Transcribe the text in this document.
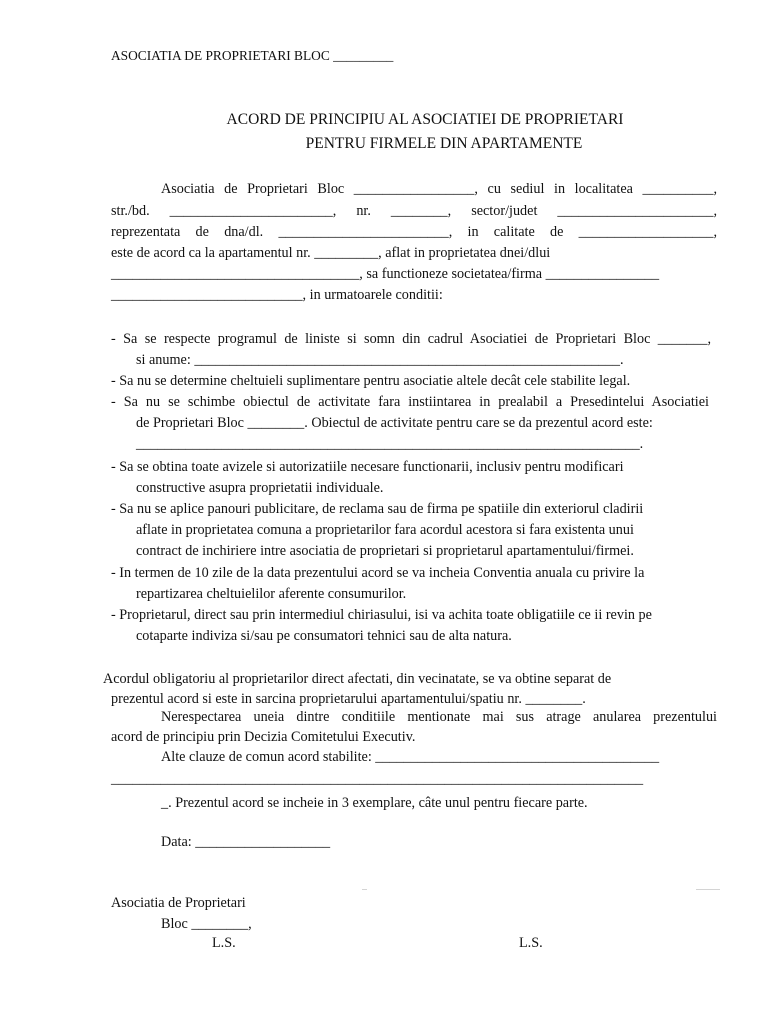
ASOCIATIA DE PROPRIETARI BLOC _________
ACORD DE PRINCIPIU AL ASOCIATIEI DE PROPRIETARI
PENTRU FIRMELE DIN APARTAMENTE
Asociatia de Proprietari Bloc _________________, cu sediul in localitatea __________,
str./bd.   _______________________,   nr.   ________,   sector/judet   ______________________,
reprezentata  de  dna/dl.  ________________________,  in  calitate  de  ___________________,
este de acord ca la apartamentul nr. _________, aflat in proprietatea dnei/dlui
___________________________________, sa functioneze societatea/firma ________________
___________________________, in urmatoarele conditii:
- Sa se respecte programul de liniste si somn din cadrul Asociatiei de Proprietari Bloc _______,
si anume: ____________________________________________________________.
- Sa nu se determine cheltuieli suplimentare pentru asociatie altele decât cele stabilite legal.
- Sa nu se schimbe obiectul de activitate fara instiintarea in prealabil a Presedintelui Asociatiei
de Proprietari Bloc ________. Obiectul de activitate pentru care se da prezentul acord este:
_______________________________________________________________________.
- Sa se obtina toate avizele si autorizatiile necesare functionarii, inclusiv pentru modificari
constructive asupra proprietatii individuale.
- Sa nu se aplice panouri publicitare, de reclama sau de firma pe spatiile din exteriorul cladirii
aflate in proprietatea comuna a proprietarilor fara acordul acestora si fara existenta unui
contract de inchiriere intre asociatia de proprietari si proprietarul apartamentului/firmei.
- In termen de 10 zile de la data prezentului acord se va incheia Conventia anuala cu privire la
repartizarea cheltuielilor aferente consumurilor.
- Proprietarul, direct sau prin intermediul chiriasului, isi va achita toate obligatiile ce ii revin pe
cotaparte indiviza si/sau pe consumatori tehnici sau de alta natura.
Acordul obligatoriu al proprietarilor direct afectati, din vecinatate, se va obtine separat de
prezentul acord si este in sarcina proprietarului apartamentului/spatiu nr. ________.
Nerespectarea uneia dintre conditiile mentionate mai sus atrage anularea prezentului
acord de principiu prin Decizia Comitetului Executiv.
Alte clauze de comun acord stabilite: ________________________________________
___________________________________________________________________________
_. Prezentul acord se incheie in 3 exemplare, câte unul pentru fiecare parte.
Data: ___________________
Asociatia de Proprietari
Bloc ________,
L.S.	L.S.
